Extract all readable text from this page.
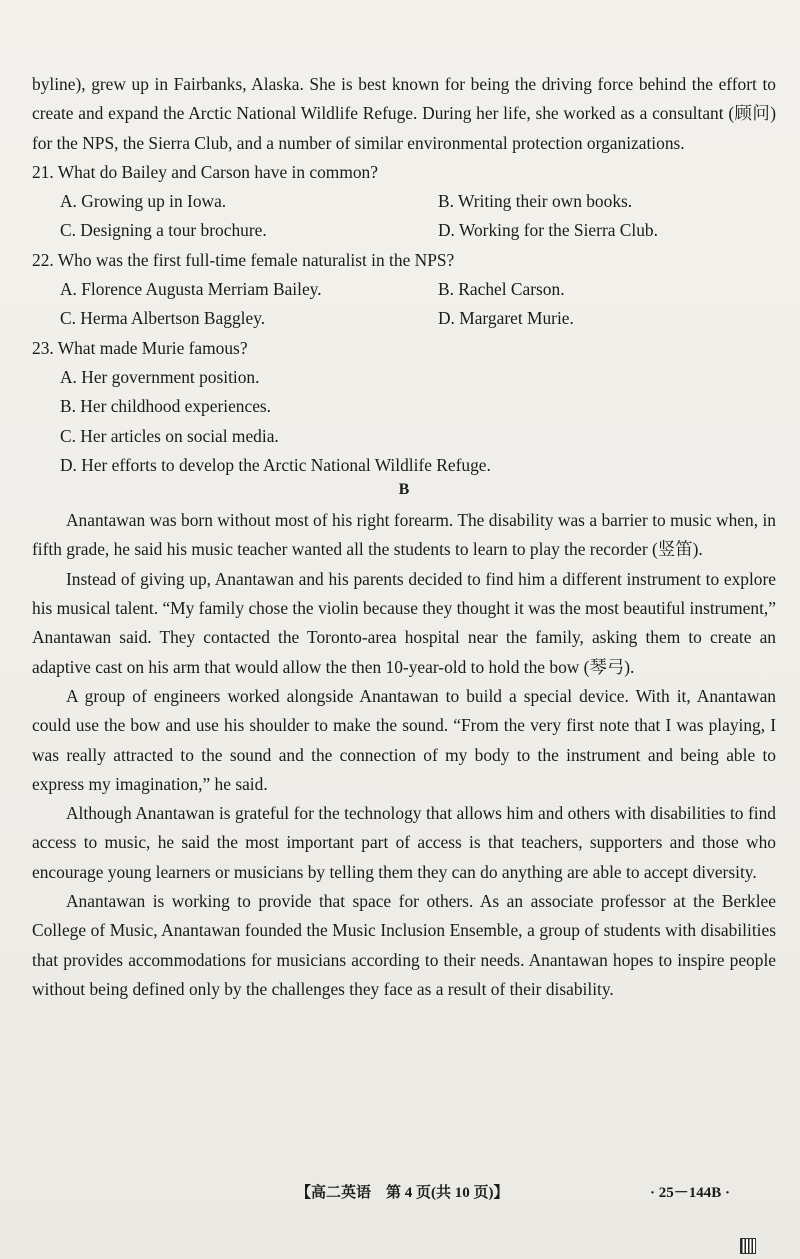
byline), grew up in Fairbanks, Alaska. She is best known for being the driving force behind the effort to create and expand the Arctic National Wildlife Refuge. During her life, she worked as a consultant (顾问) for the NPS, the Sierra Club, and a number of similar environmental protection organizations.

21. What do Bailey and Carson have in common?

A. Growing up in Iowa.	B. Writing their own books.
C. Designing a tour brochure.	D. Working for the Sierra Club.

22. Who was the first full-time female naturalist in the NPS?

A. Florence Augusta Merriam Bailey.	B. Rachel Carson.
C. Herma Albertson Baggley.	D. Margaret Murie.

23. What made Murie famous?

A. Her government position.

B. Her childhood experiences.

C. Her articles on social media.

D. Her efforts to develop the Arctic National Wildlife Refuge.

B

Anantawan was born without most of his right forearm. The disability was a barrier to music when, in fifth grade, he said his music teacher wanted all the students to learn to play the recorder (竖笛).

Instead of giving up, Anantawan and his parents decided to find him a different instrument to explore his musical talent. “My family chose the violin because they thought it was the most beautiful instrument,” Anantawan said. They contacted the Toronto-area hospital near the family, asking them to create an adaptive cast on his arm that would allow the then 10-year-old to hold the bow (琴弓).

A group of engineers worked alongside Anantawan to build a special device. With it, Anantawan could use the bow and use his shoulder to make the sound. “From the very first note that I was playing, I was really attracted to the sound and the connection of my body to the instrument and being able to express my imagination,” he said.

Although Anantawan is grateful for the technology that allows him and others with disabilities to find access to music, he said the most important part of access is that teachers, supporters and those who encourage young learners or musicians by telling them they can do anything are able to accept diversity.

Anantawan is working to provide that space for others. As an associate professor at the Berklee College of Music, Anantawan founded the Music Inclusion Ensemble, a group of students with disabilities that provides accommodations for musicians according to their needs. Anantawan hopes to inspire people without being defined only by the challenges they face as a result of their disability.

【高二英语　第 4 页(共 10 页)】	· 25－144B ·
